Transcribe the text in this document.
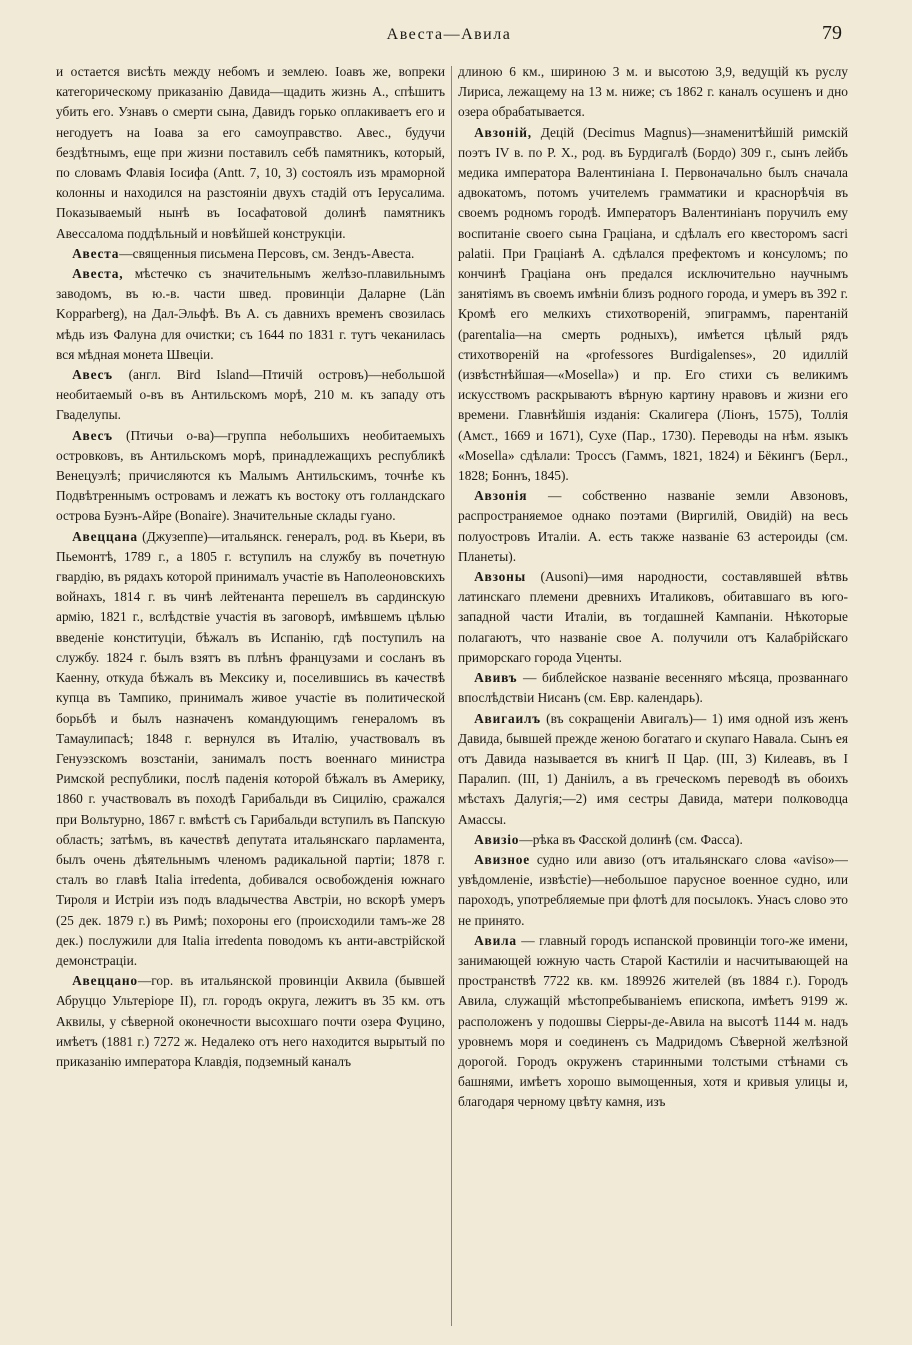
Авеста—Авила	79

и остается висѣть между небомъ и землею. Іоавъ же, вопреки категорическому приказанію Давида—щадить жизнь А., спѣшитъ убить его. Узнавъ о смерти сына, Давидъ горько оплакиваетъ его и негодуетъ на Іоава за его самоуправство. Авес., будучи бездѣтнымъ, еще при жизни поставилъ себѣ памятникъ, который, по словамъ Флавія Іосифа (Antt. 7, 10, 3) состоялъ изъ мраморной колонны и находился на разстояніи двухъ стадій отъ Іерусалима. Показываемый нынѣ въ Іосафатовой долинѣ памятникъ Авессалома поддѣльный и новѣйшей конструкціи.

Авеста—священныя письмена Персовъ, см. Зендъ-Авеста.

Авеста, мѣстечко съ значительнымъ желѣзо-плавильнымъ заводомъ, въ ю.-в. части швед. провинціи Даларне (Län Kopparberg), на Дал-Эльфѣ. Въ А. съ давнихъ временъ свозилась мѣдь изъ Фалуна для очистки; съ 1644 по 1831 г. тутъ чеканилась вся мѣдная монета Швеціи.

Авесъ (англ. Bird Island—Птичій островъ)—небольшой необитаемый о-въ въ Антильскомъ морѣ, 210 м. къ западу отъ Гваделупы.

Авесъ (Птичьи о-ва)—группа небольшихъ необитаемыхъ островковъ, въ Антильскомъ морѣ, принадлежащихъ республикѣ Венецуэлѣ; причисляются къ Малымъ Антильскимъ, точнѣе къ Подвѣтреннымъ островамъ и лежатъ къ востоку отъ голландскаго острова Буэнъ-Айре (Bonaire). Значительные склады гуано.

Авеццана (Джузеппе)—итальянск. генералъ, род. въ Кьери, въ Пьемонтѣ, 1789 г., а 1805 г. вступилъ на службу въ почетную гвардію, въ рядахъ которой принималъ участіе въ Наполеоновскихъ войнахъ, 1814 г. въ чинѣ лейтенанта перешелъ въ сардинскую армію, 1821 г., вслѣдствіе участія въ заговорѣ, имѣвшемъ цѣлью введеніе конституціи, бѣжалъ въ Испанію, гдѣ поступилъ на службу. 1824 г. былъ взятъ въ плѣнъ французами и сосланъ въ Каенну, откуда бѣжалъ въ Мексику и, поселившись въ качествѣ купца въ Тампико, принималъ живое участіе въ политической борьбѣ и былъ назначенъ командующимъ генераломъ въ Тамаулипасѣ; 1848 г. вернулся въ Италію, участвовалъ въ Генуэзскомъ возстаніи, занималъ постъ военнаго министра Римской республики, послѣ паденія которой бѣжалъ въ Америку, 1860 г. участвовалъ въ походѣ Гарибальди въ Сицилію, сражался при Вольтурно, 1867 г. вмѣстѣ съ Гарибальди вступилъ въ Папскую область; затѣмъ, въ качествѣ депутата итальянскаго парламента, былъ очень дѣятельнымъ членомъ радикальной партіи; 1878 г. сталъ во главѣ Italia irredenta, добивался освобожденія южнаго Тироля и Истріи изъ подъ владычества Австріи, но вскорѣ умеръ (25 дек. 1879 г.) въ Римѣ; похороны его (происходили тамъ-же 28 дек.) послужили для Italia irredenta поводомъ къ анти-австрійской демонстраціи.

Авеццано—гор. въ итальянской провинціи Аквила (бывшей Абруццо Ультеріоре II), гл. городъ округа, лежитъ въ 35 км. отъ Аквилы, у сѣверной оконечности высохшаго почти озера Фуцино, имѣетъ (1881 г.) 7272 ж. Недалеко отъ него находится вырытый по приказанію императора Клавдія, подземный каналъ

длиною 6 км., шириною 3 м. и высотою 3,9, ведущій къ руслу Лириса, лежащему на 13 м. ниже; съ 1862 г. каналъ осушенъ и дно озера обрабатывается.

Авзоній, Децій (Decimus Magnus)—знаменитѣйшій римскій поэтъ IV в. по Р. Х., род. въ Бурдигалѣ (Бордо) 309 г., сынъ лейбъ медика императора Валентиніана I. Первоначально былъ сначала адвокатомъ, потомъ учителемъ грамматики и краснорѣчія въ своемъ родномъ городѣ. Императоръ Валентиніанъ поручилъ ему воспитаніе своего сына Граціана, и сдѣлалъ его квесторомъ sacri palatii. При Граціанѣ А. сдѣлался префектомъ и консуломъ; по кончинѣ Граціана онъ предался исключительно научнымъ занятіямъ въ своемъ имѣніи близъ родного города, и умеръ въ 392 г. Кромѣ его мелкихъ стихотвореній, эпиграммъ, парентаній (parentalia—на смерть родныхъ), имѣется цѣлый рядъ стихотвореній на «professores Burdigalenses», 20 идиллій (извѣстнѣйшая—«Mosella») и пр. Его стихи съ великимъ искусствомъ раскрываютъ вѣрную картину нравовъ и жизни его времени. Главнѣйшія изданія: Скалигера (Ліонъ, 1575), Толлія (Амст., 1669 и 1671), Сухе (Пар., 1730). Переводы на нѣм. языкъ «Mosella» сдѣлали: Троссъ (Гаммъ, 1821, 1824) и Бёкингъ (Берл., 1828; Боннъ, 1845).

Авзонія — собственно названіе земли Авзоновъ, распространяемое однако поэтами (Виргилій, Овидій) на весь полуостровъ Италіи. А. есть также названіе 63 астероиды (см. Планеты).

Авзоны (Ausoni)—имя народности, составлявшей вѣтвь латинскаго племени древнихъ Италиковъ, обитавшаго въ юго-западной части Италіи, въ тогдашней Кампаніи. Нѣкоторые полагаютъ, что названіе свое А. получили отъ Калабрійскаго приморскаго города Уценты.

Авивъ — библейское названіе весенняго мѣсяца, прозваннаго впослѣдствіи Нисанъ (см. Евр. календарь).

Авигаилъ (въ сокращеніи Авигалъ)— 1) имя одной изъ женъ Давида, бывшей прежде женою богатаго и скупаго Навала. Сынъ ея отъ Давида называется въ книгѣ II Цар. (III, 3) Килеавъ, въ I Паралип. (III, 1) Даніилъ, а въ греческомъ переводѣ въ обоихъ мѣстахъ Далугія;—2) имя сестры Давида, матери полководца Амассы.

Авизіо—рѣка въ Фасской долинѣ (см. Фасса).

Авизное судно или авизо (отъ итальянскаго слова «aviso»—увѣдомленіе, извѣстіе)—небольшое парусное военное судно, или пароходъ, употребляемые при флотѣ для посылокъ. Унасъ слово это не принято.

Авила — главный городъ испанской провинціи того-же имени, занимающей южную часть Старой Кастиліи и насчитывающей на пространствѣ 7722 кв. км. 189926 жителей (въ 1884 г.). Городъ Авила, служащій мѣстопребываніемъ епископа, имѣетъ 9199 ж. расположенъ у подошвы Сіерры-де-Авила на высотѣ 1144 м. надъ уровнемъ моря и соединенъ съ Мадридомъ Сѣверной желѣзной дорогой. Городъ окруженъ старинными толстыми стѣнами съ башнями, имѣетъ хорошо вымощенныя, хотя и кривыя улицы и, благодаря черному цвѣту камня, изъ
